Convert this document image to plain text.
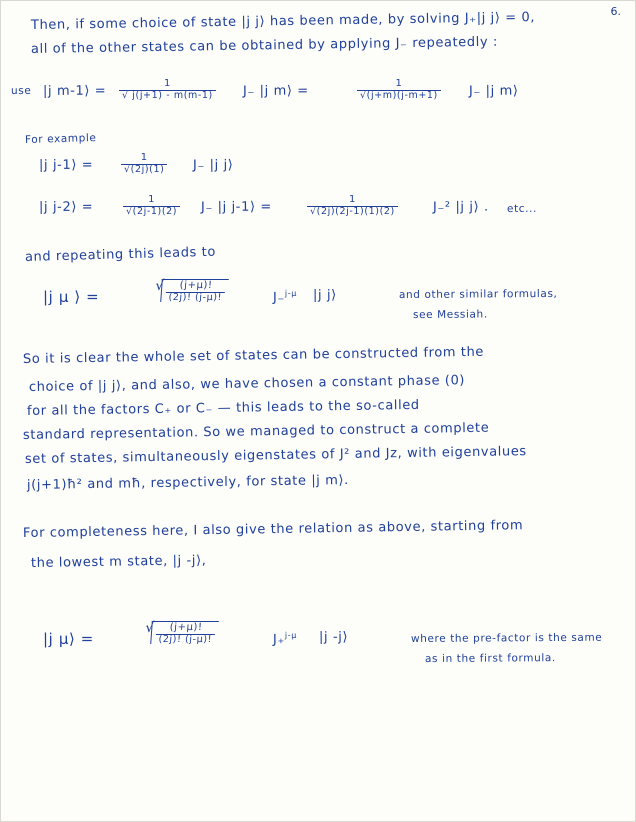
6.
Then, if some choice of state |j j⟩ has been made, by solving J₊|j j⟩ = 0,
all of the other states can be obtained by applying J₋ repeatedly :
use |j m-1⟩ = $\frac{1}{√ j(j+1) - m(m-1)} J_-$ |j m⟩ =	$\frac{1}{√(j+m)(j-m+1)} J_-$ |j m⟩
For example
|j j-1⟩ =	$\frac{1}{√(2j)(1)} J_-$ |j j⟩
|j j-2⟩ =	$\frac{1}{√(2j-1)(2)} J_-$ |j j-1⟩ =	$\frac{1}{√(2j)(2j-1)(1)(2)}$	J₋² |j j⟩ . etc...
and repeating this leads to
|j μ ⟩ =	√ $\frac{(j+\mu)!}{(2j)! (j-\mu)!}$	J₋$^{j-\mu}$ |j j⟩	and other similar formulas,
see Messiah.
So it is clear the whole set of states can be constructed from the
choice of |j j⟩, and also, we have chosen a constant phase (0)
for all the factors C₊ or C₋ — this leads to the so-called
standard representation. So we managed to construct a complete
set of states, simultaneously eigenstates of J² and Jᴢ, with eigenvalues
j(j+1)ħ² and mħ, respectively, for state |j m⟩.
For completeness here, I also give the relation as above, starting from
the lowest m state, |j -j⟩,
|j μ⟩ =	√ $\frac{(j+\mu)!}{(2j)! (j-\mu)!}$	J₊$^{j-\mu}$ |j -j⟩	where the pre-factor is the same
as in the first formula.
